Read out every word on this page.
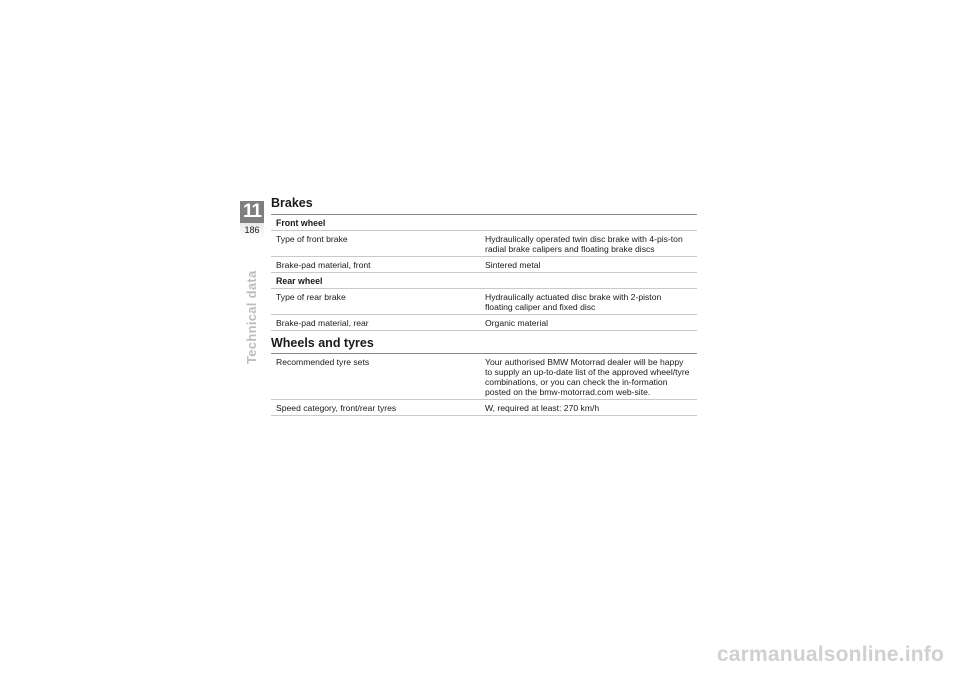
11
186
Technical data
Brakes
Front wheel
Type of front brake	Hydraulically operated twin disc brake with 4-pis-ton radial brake calipers and floating brake discs
Brake-pad material, front	Sintered metal
Rear wheel
Type of rear brake	Hydraulically actuated disc brake with 2-piston floating caliper and fixed disc
Brake-pad material, rear	Organic material
Wheels and tyres
Recommended tyre sets	Your authorised BMW Motorrad dealer will be happy to supply an up-to-date list of the approved wheel/tyre combinations, or you can check the in-formation posted on the bmw-motorrad.com web-site.
Speed category, front/rear tyres	W, required at least: 270 km/h
carmanualsonline.info
